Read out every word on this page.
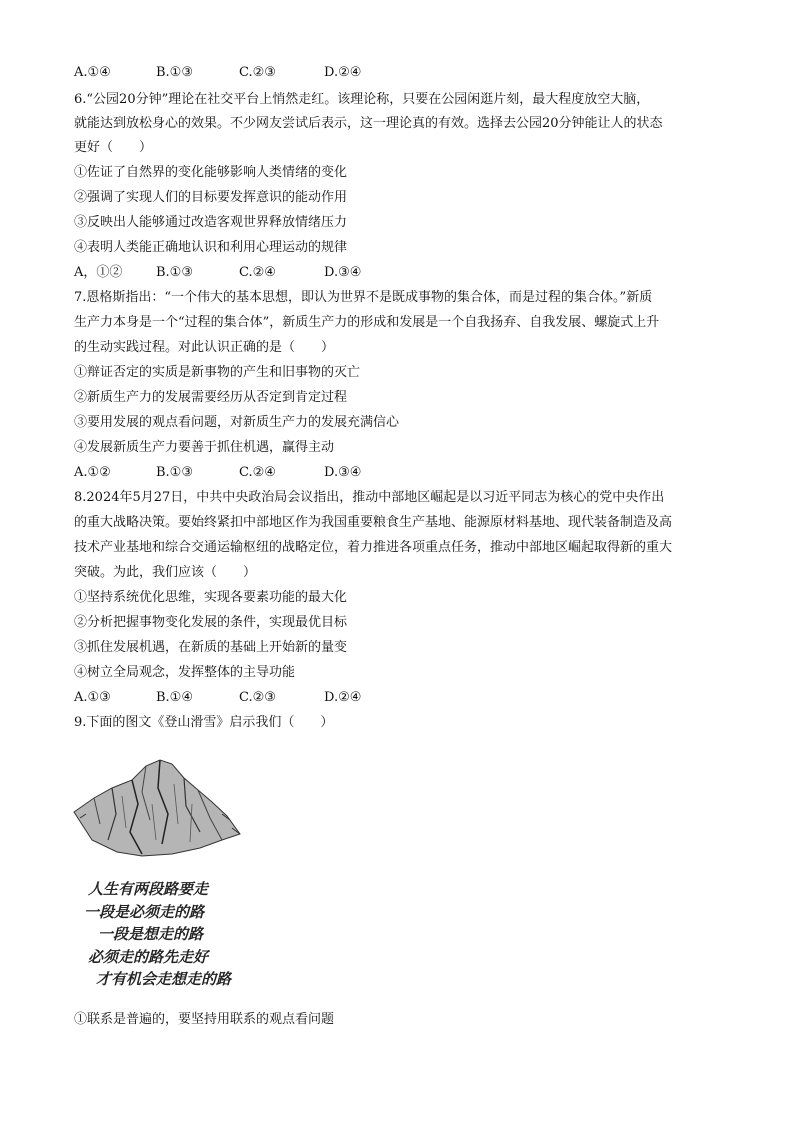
A.①④	B.①③	C.②③	D.②④
6.“公园20分钟”理论在社交平台上悄然走红。该理论称，只要在公园闲逛片刻，最大程度放空大脑，
就能达到放松身心的效果。不少网友尝试后表示，这一理论真的有效。选择去公园20分钟能让人的状态
更好（　　）
①佐证了自然界的变化能够影响人类情绪的变化
②强调了实现人们的目标要发挥意识的能动作用
③反映出人能够通过改造客观世界释放情绪压力
④表明人类能正确地认识和利用心理运动的规律
A，①②	B.①③	C.②④	D.③④
7.恩格斯指出：“一个伟大的基本思想，即认为世界不是既成事物的集合体，而是过程的集合体。”新质
生产力本身是一个“过程的集合体”，新质生产力的形成和发展是一个自我扬弃、自我发展、螺旋式上升
的生动实践过程。对此认识正确的是（　　）
①辩证否定的实质是新事物的产生和旧事物的灭亡
②新质生产力的发展需要经历从否定到肯定过程
③要用发展的观点看问题，对新质生产力的发展充满信心
④发展新质生产力要善于抓住机遇，赢得主动
A.①②	B.①③	C.②④	D.③④
8.2024年5月27日，中共中央政治局会议指出，推动中部地区崛起是以习近平同志为核心的党中央作出
的重大战略决策。要始终紧扣中部地区作为我国重要粮食生产基地、能源原材料基地、现代装备制造及高
技术产业基地和综合交通运输枢纽的战略定位，着力推进各项重点任务，推动中部地区崛起取得新的重大
突破。为此，我们应该（　　）
①坚持系统优化思维，实现各要素功能的最大化
②分析把握事物变化发展的条件，实现最优目标
③抓住发展机遇，在新质的基础上开始新的量变
④树立全局观念，发挥整体的主导功能
A.①③	B.①④	C.②③	D.②④
9.下面的图文《登山滑雪》启示我们（　　）
人生有两段路要走
一段是必须走的路
一段是想走的路
必须走的路先走好
才有机会走想走的路
①联系是普遍的，要坚持用联系的观点看问题
